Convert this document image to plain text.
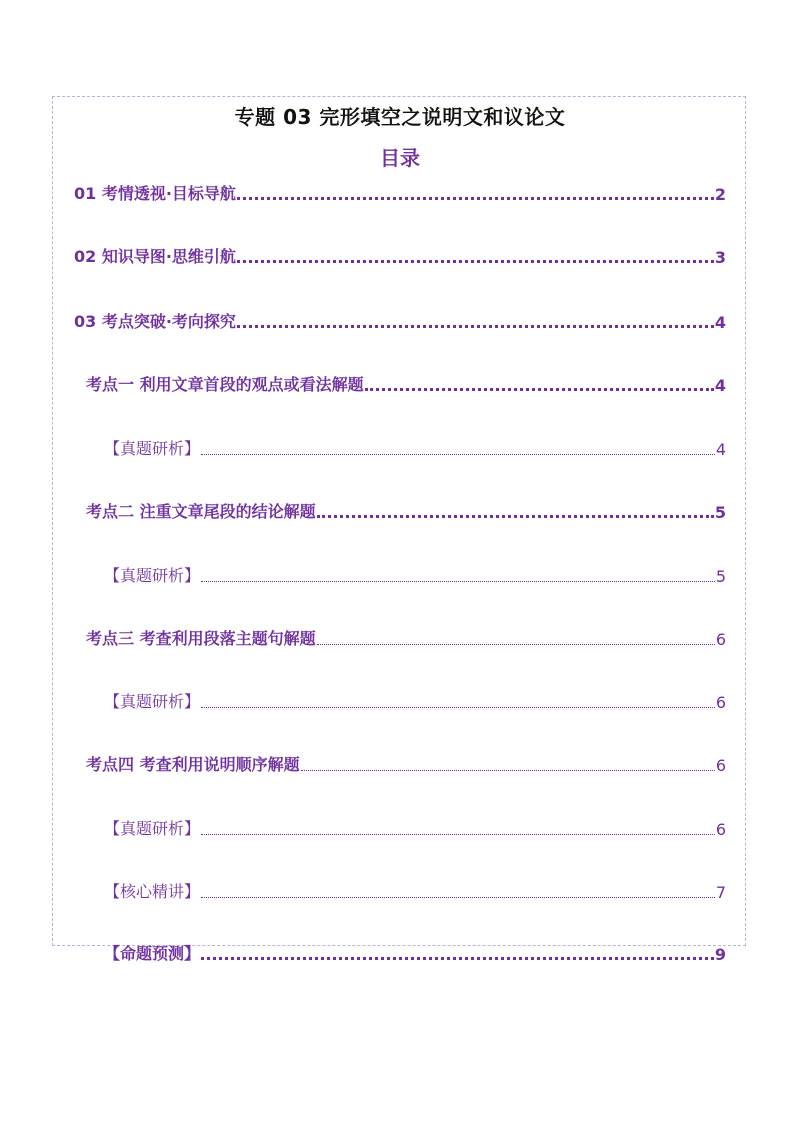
专题 03 完形填空之说明文和议论文
目录
01 考情透视·目标导航	2
02 知识导图·思维引航	3
03 考点突破·考向探究	4
考点一 利用文章首段的观点或看法解题	4
【真题研析】	4
考点二 注重文章尾段的结论解题	5
【真题研析】	5
考点三 考查利用段落主题句解题	6
【真题研析】	6
考点四 考查利用说明顺序解题	6
【真题研析】	6
【核心精讲】	7
【命题预测】	9
